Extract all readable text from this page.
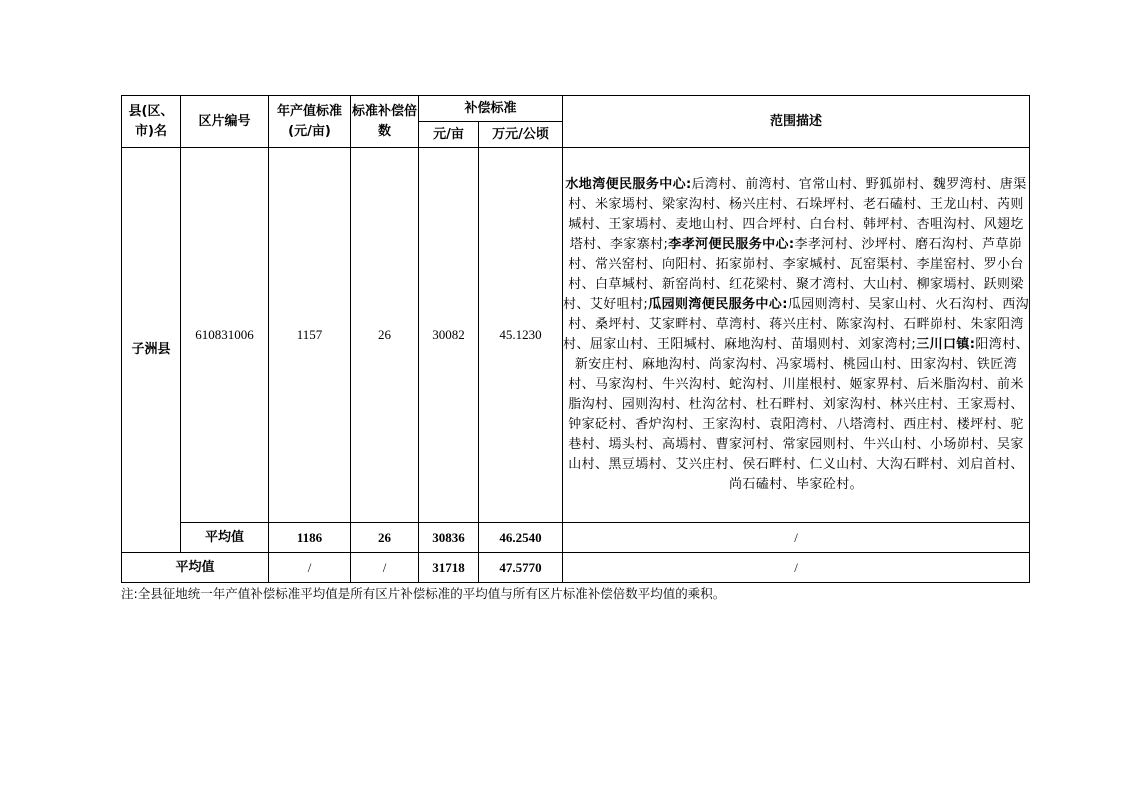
县(区、市)名	区片编号	年产值标准(元/亩)	标准补偿倍数	补偿标准		范围描述
				元/亩	万元/公顷	
子洲县	610831006	1157	26	30082	45.1230	水地湾便民服务中心:后湾村、前湾村、官常山村、野狐峁村、魏罗湾村、唐渠村、米家墕村、梁家沟村、杨兴庄村、石垛坪村、老石磕村、王龙山村、芮则堿村、王家墕村、麦地山村、四合坪村、白台村、韩坪村、杏咀沟村、风翅圪塔村、李家寨村;李孝河便民服务中心:李孝河村、沙坪村、磨石沟村、芦草峁村、常兴窑村、向阳村、拓家峁村、李家堿村、瓦窑渠村、李崖窑村、罗小台村、白草堿村、新窑尚村、红花梁村、聚才湾村、大山村、柳家墕村、跃则梁村、艾好咀村;瓜园则湾便民服务中心:瓜园则湾村、吴家山村、火石沟村、西沟村、桑坪村、艾家畔村、草湾村、蒋兴庄村、陈家沟村、石畔峁村、朱家阳湾村、屈家山村、王阳堿村、麻地沟村、苗塌则村、刘家湾村;三川口镇:阳湾村、新安庄村、麻地沟村、尚家沟村、冯家墕村、桃园山村、田家沟村、铁匠湾村、马家沟村、牛兴沟村、蛇沟村、川崖根村、姬家界村、后米脂沟村、前米脂沟村、园则沟村、杜沟岔村、杜石畔村、刘家沟村、林兴庄村、王家焉村、钟家砭村、香炉沟村、王家沟村、袁阳湾村、八塔湾村、西庄村、楼坪村、驼巷村、墕头村、高墕村、曹家河村、常家园则村、牛兴山村、小场峁村、吴家山村、黑豆墕村、艾兴庄村、侯石畔村、仁义山村、大沟石畔村、刘启首村、尚石磕村、毕家砼村。
	平均值	1186	26	30836	46.2540	/
平均值		/	/	31718	47.5770	/
注:全县征地统一年产值补偿标准平均值是所有区片补偿标准的平均值与所有区片标准补偿倍数平均值的乘积。
